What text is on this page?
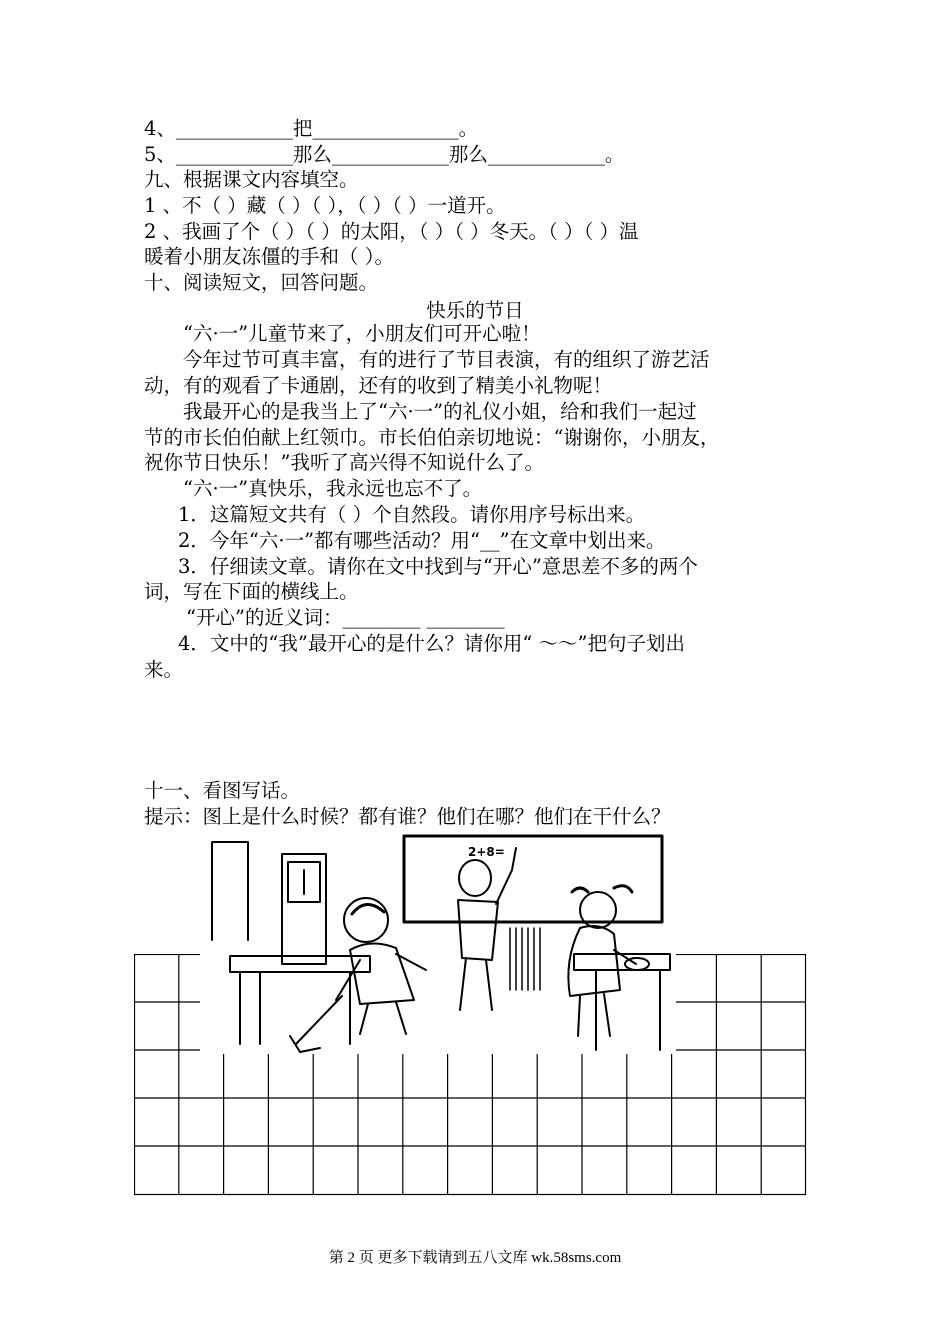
4、____________把_______________。
5、____________那么____________那么____________。
九、根据课文内容填空。
1 、不（ ）藏（ ）（ ），（ ）（ ）一道开。
2 、我画了个（ ）（ ）的太阳，（ ）（ ）冬天。（ ）（ ）温
暖着小朋友冻僵的手和（ ）。
十、阅读短文，回答问题。
快乐的节日
“六·一”儿童节来了，小朋友们可开心啦！
今年过节可真丰富，有的进行了节目表演，有的组织了游艺活
动，有的观看了卡通剧，还有的收到了精美小礼物呢！
我最开心的是我当上了“六·一”的礼仪小姐，给和我们一起过
节的市长伯伯献上红领巾。市长伯伯亲切地说：“谢谢你，小朋友，
祝你节日快乐！”我听了高兴得不知说什么了。
“六·一”真快乐，我永远也忘不了。
1．这篇短文共有（ ）个自然段。请你用序号标出来。
2．今年“六·一”都有哪些活动？用“__”在文章中划出来。
3．仔细读文章。请你在文中找到与“开心”意思差不多的两个
词，写在下面的横线上。
“开心”的近义词：________ ________
4．文中的“我”最开心的是什么？请你用“ ～～”把句子划出
来。
十一、看图写话。
提示：图上是什么时候？都有谁？他们在哪？他们在干什么？
2+8=
第 2 页 更多下载请到五八文库 wk.58sms.com
